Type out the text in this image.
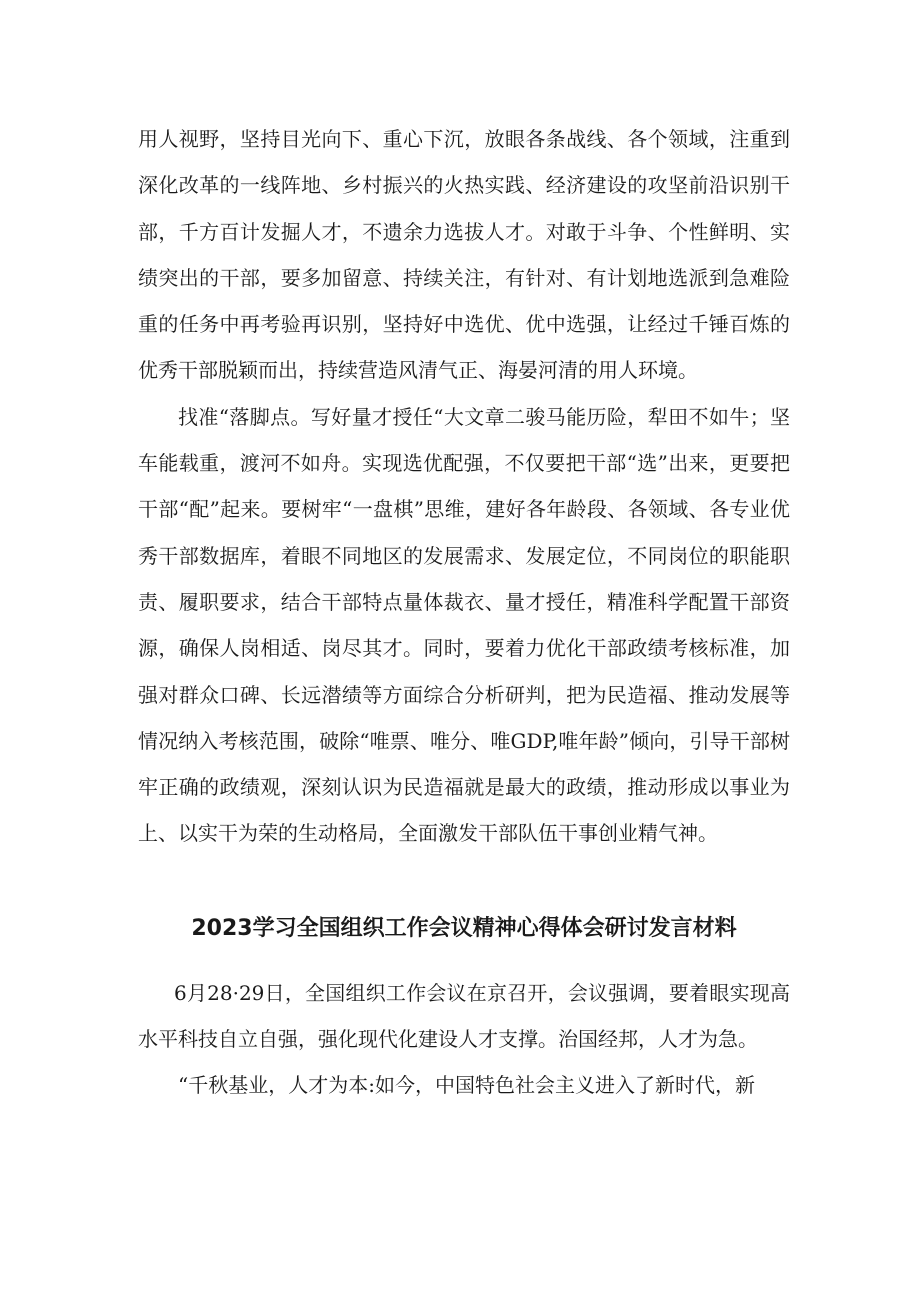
用人视野，坚持目光向下、重心下沉，放眼各条战线、各个领域，注重到深化改革的一线阵地、乡村振兴的火热实践、经济建设的攻坚前沿识别干部，千方百计发掘人才，不遗余力选拔人才。对敢于斗争、个性鲜明、实绩突出的干部，要多加留意、持续关注，有针对、有计划地选派到急难险重的任务中再考验再识别，坚持好中选优、优中选强，让经过千锤百炼的优秀干部脱颖而出，持续营造风清气正、海晏河清的用人环境。

找准“落脚点。写好量才授任“大文章二骏马能历险，犁田不如牛；坚车能载重，渡河不如舟。实现选优配强，不仅要把干部“选”出来，更要把干部“配”起来。要树牢“一盘棋”思维，建好各年龄段、各领域、各专业优秀干部数据库，着眼不同地区的发展需求、发展定位，不同岗位的职能职责、履职要求，结合干部特点量体裁衣、量才授任，精准科学配置干部资源，确保人岗相适、岗尽其才。同时，要着力优化干部政绩考核标准，加强对群众口碑、长远潜绩等方面综合分析研判，把为民造福、推动发展等情况纳入考核范围，破除“唯票、唯分、唯GDP,唯年龄”倾向，引导干部树牢正确的政绩观，深刻认识为民造福就是最大的政绩，推动形成以事业为上、以实干为荣的生动格局，全面激发干部队伍干事创业精气神。

2023学习全国组织工作会议精神心得体会研讨发言材料

6月28·29日，全国组织工作会议在京召开，会议强调，要着眼实现高水平科技自立自强，强化现代化建设人才支撑。治国经邦，人才为急。

“千秋基业，人才为本:如今，中国特色社会主义进入了新时代，新
